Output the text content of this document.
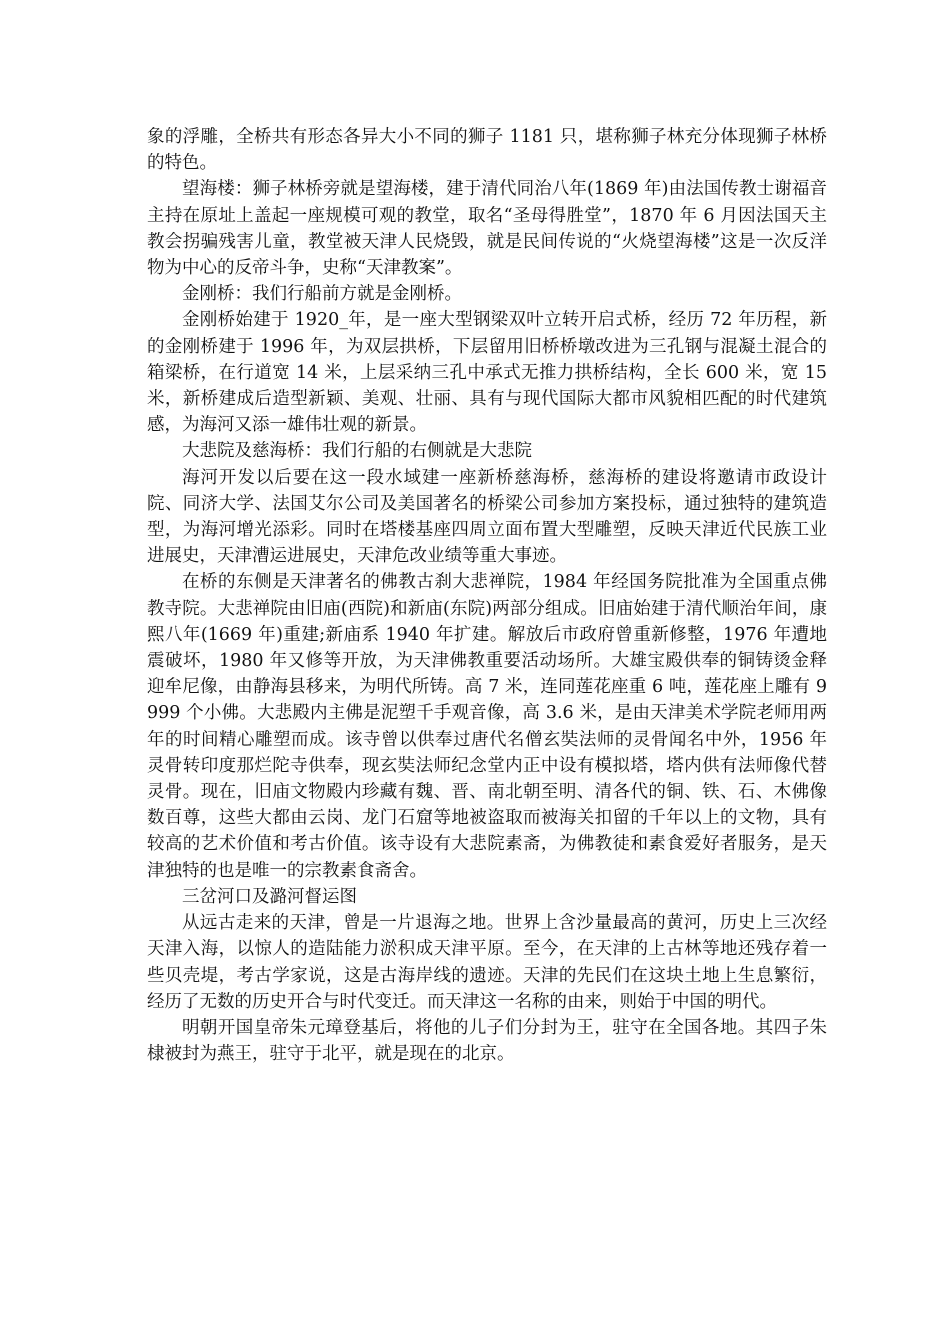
象的浮雕，全桥共有形态各异大小不同的狮子 1181 只，堪称狮子林充分体现狮子林桥的特色。

望海楼：狮子林桥旁就是望海楼，建于清代同治八年(1869 年)由法国传教士谢福音主持在原址上盖起一座规模可观的教堂，取名“圣母得胜堂”，1870 年 6 月因法国天主教会拐骗残害儿童，教堂被天津人民烧毁，就是民间传说的“火烧望海楼”这是一次反洋物为中心的反帝斗争，史称“天津教案”。

金刚桥：我们行船前方就是金刚桥。

金刚桥始建于 1920_年，是一座大型钢梁双叶立转开启式桥，经历 72 年历程，新的金刚桥建于 1996 年，为双层拱桥，下层留用旧桥桥墩改进为三孔钢与混凝土混合的箱梁桥，在行道宽 14 米，上层采纳三孔中承式无推力拱桥结构，全长 600 米，宽 15 米，新桥建成后造型新颖、美观、壮丽、具有与现代国际大都市风貌相匹配的时代建筑感，为海河又添一雄伟壮观的新景。

大悲院及慈海桥：我们行船的右侧就是大悲院

海河开发以后要在这一段水域建一座新桥慈海桥，慈海桥的建设将邀请市政设计院、同济大学、法国艾尔公司及美国著名的桥梁公司参加方案投标，通过独特的建筑造型，为海河增光添彩。同时在塔楼基座四周立面布置大型雕塑，反映天津近代民族工业进展史，天津漕运进展史，天津危改业绩等重大事迹。

在桥的东侧是天津著名的佛教古刹大悲禅院，1984 年经国务院批准为全国重点佛教寺院。大悲禅院由旧庙(西院)和新庙(东院)两部分组成。旧庙始建于清代顺治年间，康熙八年(1669 年)重建;新庙系 1940 年扩建。解放后市政府曾重新修整，1976 年遭地震破坏，1980 年又修等开放，为天津佛教重要活动场所。大雄宝殿供奉的铜铸烫金释迎牟尼像，由静海县移来，为明代所铸。高 7 米，连同莲花座重 6 吨，莲花座上雕有 9999 个小佛。大悲殿内主佛是泥塑千手观音像，高 3.6 米，是由天津美术学院老师用两年的时间精心雕塑而成。该寺曾以供奉过唐代名僧玄奘法师的灵骨闻名中外，1956 年灵骨转印度那烂陀寺供奉，现玄奘法师纪念堂内正中设有模拟塔，塔内供有法师像代替灵骨。现在，旧庙文物殿内珍藏有魏、晋、南北朝至明、清各代的铜、铁、石、木佛像数百尊，这些大都由云岗、龙门石窟等地被盗取而被海关扣留的千年以上的文物，具有较高的艺术价值和考古价值。该寺设有大悲院素斋，为佛教徒和素食爱好者服务，是天津独特的也是唯一的宗教素食斋舍。

三岔河口及潞河督运图

从远古走来的天津，曾是一片退海之地。世界上含沙量最高的黄河，历史上三次经天津入海，以惊人的造陆能力淤积成天津平原。至今，在天津的上古林等地还残存着一些贝壳堤，考古学家说，这是古海岸线的遗迹。天津的先民们在这块土地上生息繁衍，经历了无数的历史开合与时代变迁。而天津这一名称的由来，则始于中国的明代。

明朝开国皇帝朱元璋登基后，将他的儿子们分封为王，驻守在全国各地。其四子朱棣被封为燕王，驻守于北平，就是现在的北京。
